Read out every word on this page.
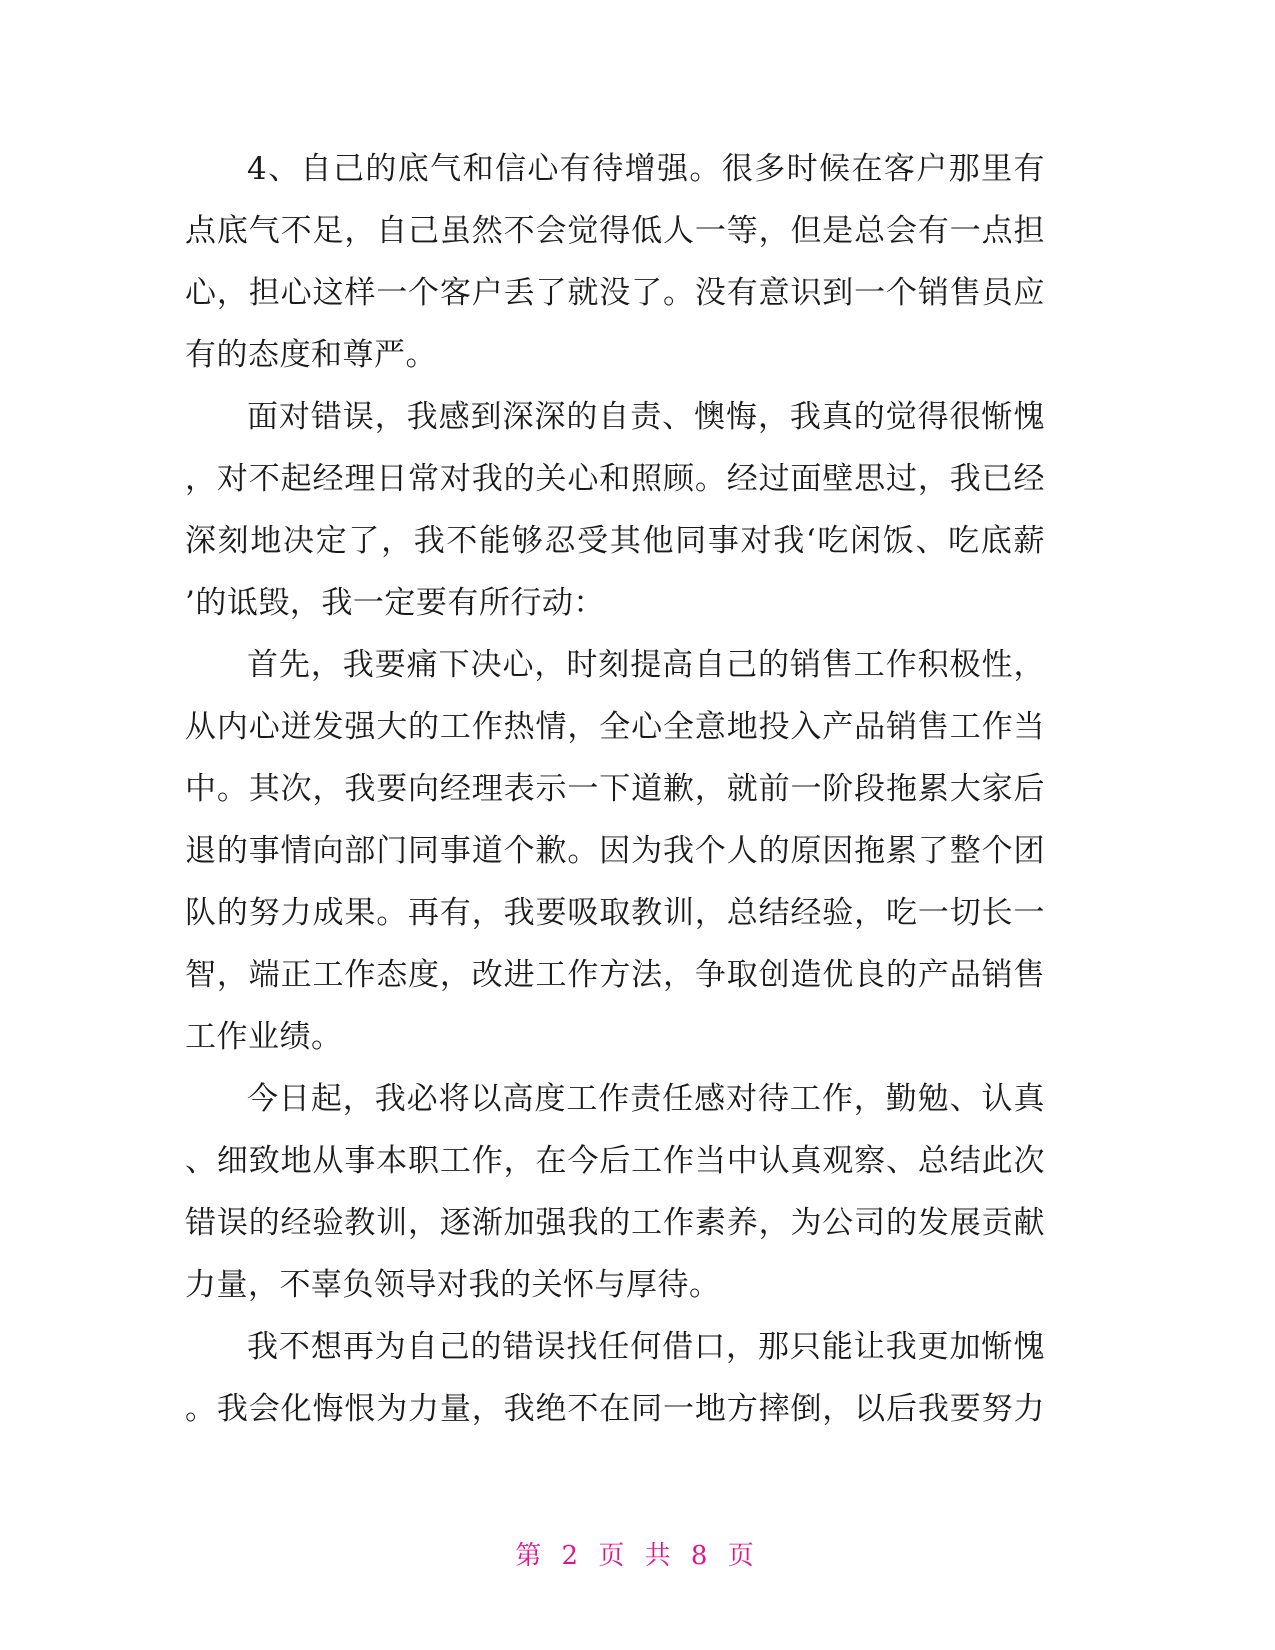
4、自己的底气和信心有待增强。很多时候在客户那里有
点底气不足，自己虽然不会觉得低人一等，但是总会有一点担
心，担心这样一个客户丢了就没了。没有意识到一个销售员应
有的态度和尊严。
面对错误，我感到深深的自责、懊悔，我真的觉得很惭愧
，对不起经理日常对我的关心和照顾。经过面壁思过，我已经
深刻地决定了，我不能够忍受其他同事对我‘吃闲饭、吃底薪
’的诋毁，我一定要有所行动：
首先，我要痛下决心，时刻提高自己的销售工作积极性，
从内心迸发强大的工作热情，全心全意地投入产品销售工作当
中。其次，我要向经理表示一下道歉，就前一阶段拖累大家后
退的事情向部门同事道个歉。因为我个人的原因拖累了整个团
队的努力成果。再有，我要吸取教训，总结经验，吃一切长一
智，端正工作态度，改进工作方法，争取创造优良的产品销售
工作业绩。
今日起，我必将以高度工作责任感对待工作，勤勉、认真
、细致地从事本职工作，在今后工作当中认真观察、总结此次
错误的经验教训，逐渐加强我的工作素养，为公司的发展贡献
力量，不辜负领导对我的关怀与厚待。
我不想再为自己的错误找任何借口，那只能让我更加惭愧
。我会化悔恨为力量，我绝不在同一地方摔倒，以后我要努力
第 2 页 共 8 页
